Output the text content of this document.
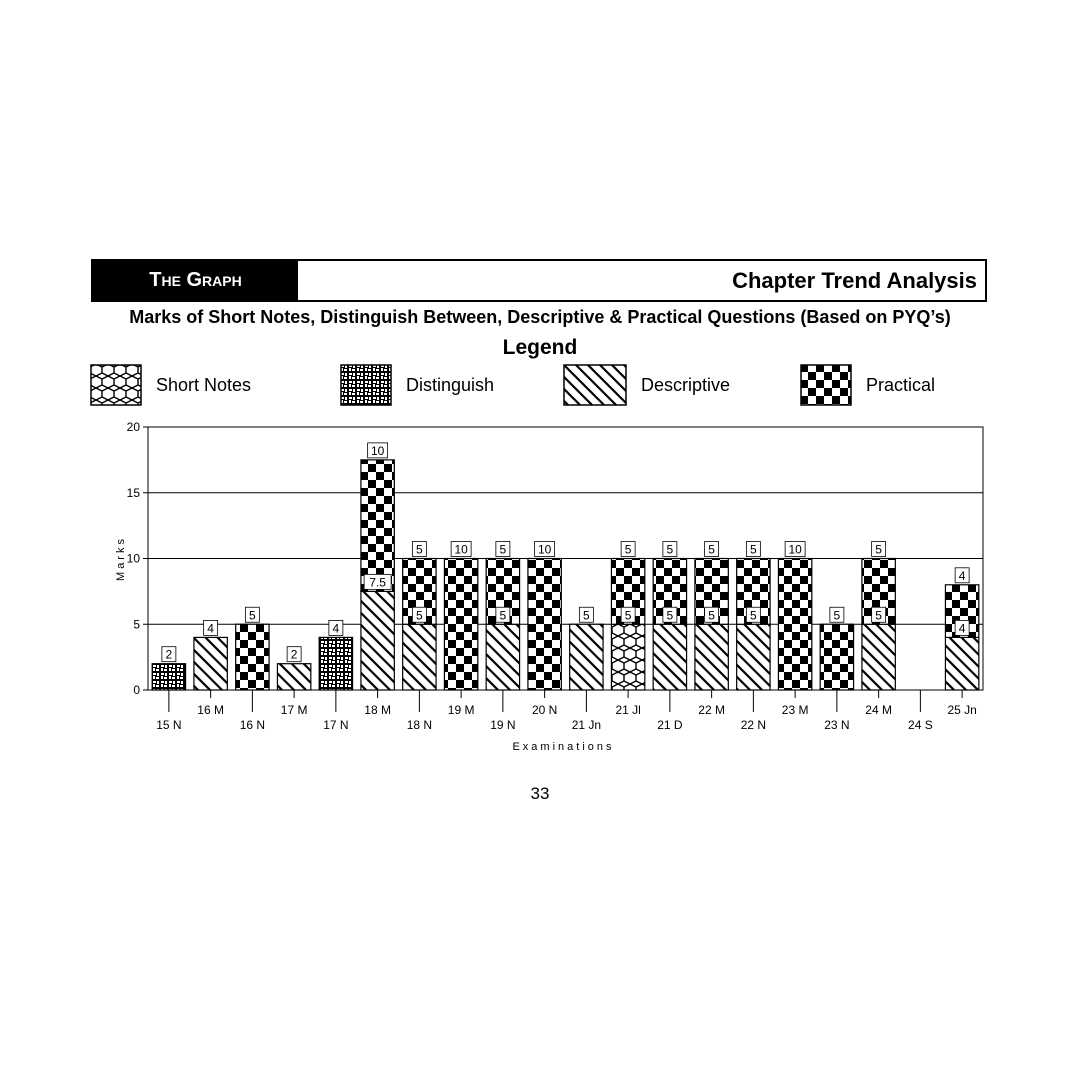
2
4
5
2
4
7.5
10
5
5	10
5
5	10
5	5
5
5
5
5
5
5
5	10
5	5
5
4
4
0
5
10
15
20
15 N
16 M
16 N
17 M
17 N
18 M
18 N
19 M
19 N
20 N
21 Jn
21 Jl
21 D
22 M
22 N
23 M
23 N
24 M
24 S
25 Jn
Examinations
Marks
The Graph	Chapter Trend Analysis
Marks of Short Notes, Distinguish Between, Descriptive & Practical Questions (Based on PYQ’s)
Legend
Short Notes	Distinguish	Descriptive	Practical
33
